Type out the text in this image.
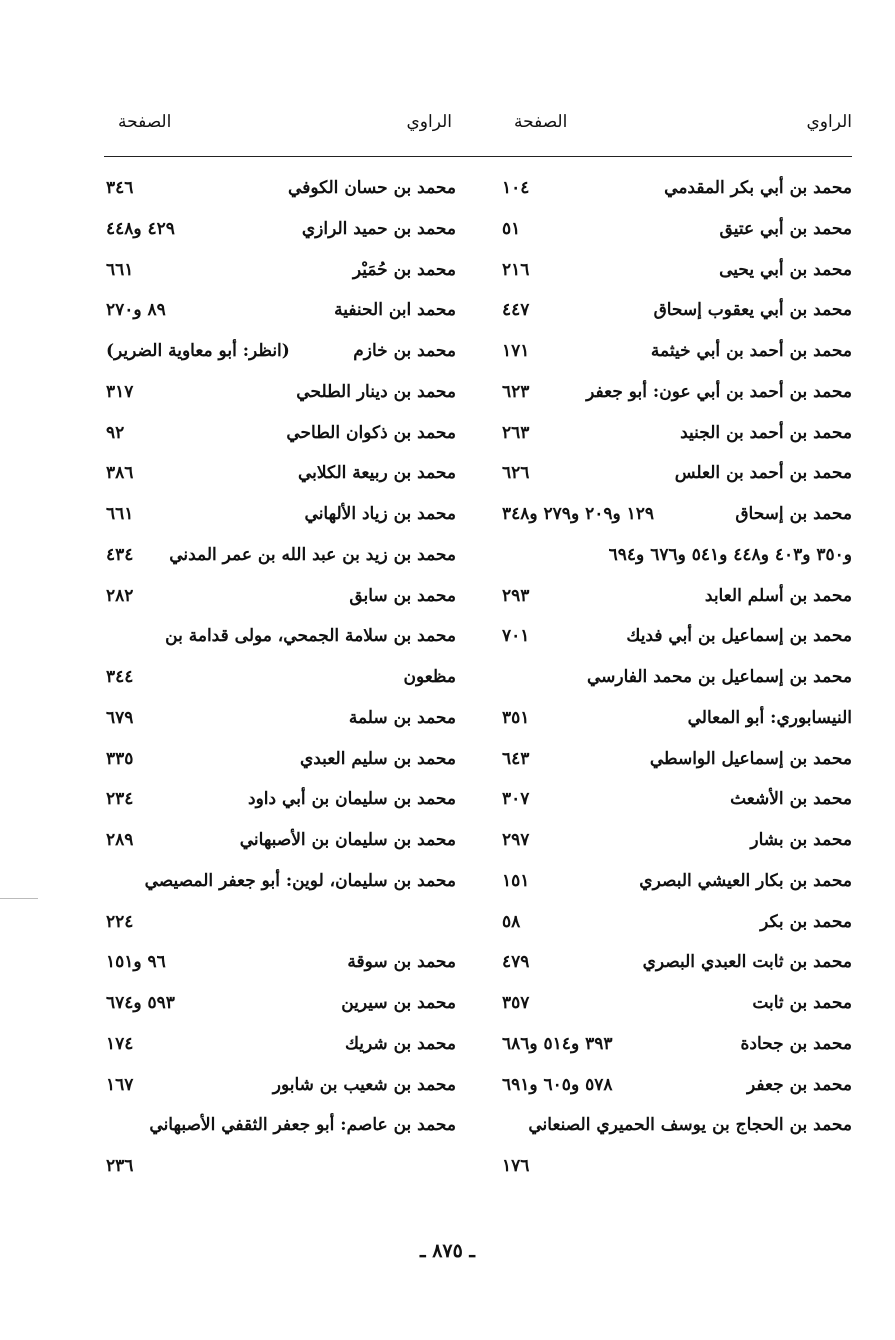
الراوي
الصفحة
الراوي
الصفحة
محمد بن أبي بكر المقدمي
١٠٤
محمد بن أبي عتيق
٥١
محمد بن أبي يحيى
٢١٦
محمد بن أبي يعقوب إسحاق
٤٤٧
محمد بن أحمد بن أبي خيثمة
١٧١
محمد بن أحمد بن أبي عون: أبو جعفر
٦٢٣
محمد بن أحمد بن الجنيد
٢٦٣
محمد بن أحمد بن العلس
٦٢٦
محمد بن إسحاق
١٢٩ و٢٠٩ و٢٧٩ و٣٤٨
و٣٥٠ و٤٠٣ و٤٤٨ و٥٤١ و٦٧٦ و٦٩٤
محمد بن أسلم العابد
٢٩٣
محمد بن إسماعيل بن أبي فديك
٧٠١
محمد بن إسماعيل بن محمد الفارسي
النيسابوري: أبو المعالي
٣٥١
محمد بن إسماعيل الواسطي
٦٤٣
محمد بن الأشعث
٣٠٧
محمد بن بشار
٢٩٧
محمد بن بكار العيشي البصري
١٥١
محمد بن بكر
٥٨
محمد بن ثابت العبدي البصري
٤٧٩
محمد بن ثابت
٣٥٧
محمد بن جحادة
٣٩٣ و٥١٤ و٦٨٦
محمد بن جعفر
٥٧٨ و٦٠٥ و٦٩١
محمد بن الحجاج بن يوسف الحميري الصنعاني
١٧٦
محمد بن حسان الكوفي
٣٤٦
محمد بن حميد الرازي
٤٢٩ و٤٤٨
محمد بن حُمَيْر
٦٦١
محمد ابن الحنفية
٨٩ و٢٧٠
محمد بن خازم
(انظر: أبو معاوية الضرير)
محمد بن دينار الطلحي
٣١٧
محمد بن ذكوان الطاحي
٩٢
محمد بن ربيعة الكلابي
٣٨٦
محمد بن زياد الألهاني
٦٦١
محمد بن زيد بن عبد الله بن عمر المدني
٤٣٤
محمد بن سابق
٢٨٢
محمد بن سلامة الجمحي، مولى قدامة بن
مظعون
٣٤٤
محمد بن سلمة
٦٧٩
محمد بن سليم العبدي
٣٣٥
محمد بن سليمان بن أبي داود
٢٣٤
محمد بن سليمان بن الأصبهاني
٢٨٩
محمد بن سليمان، لوين: أبو جعفر المصيصي
٢٢٤
محمد بن سوقة
٩٦ و١٥١
محمد بن سيرين
٥٩٣ و٦٧٤
محمد بن شريك
١٧٤
محمد بن شعيب بن شابور
١٦٧
محمد بن عاصم: أبو جعفر الثقفي الأصبهاني
٢٣٦
ـ ٨٧٥ ـ
